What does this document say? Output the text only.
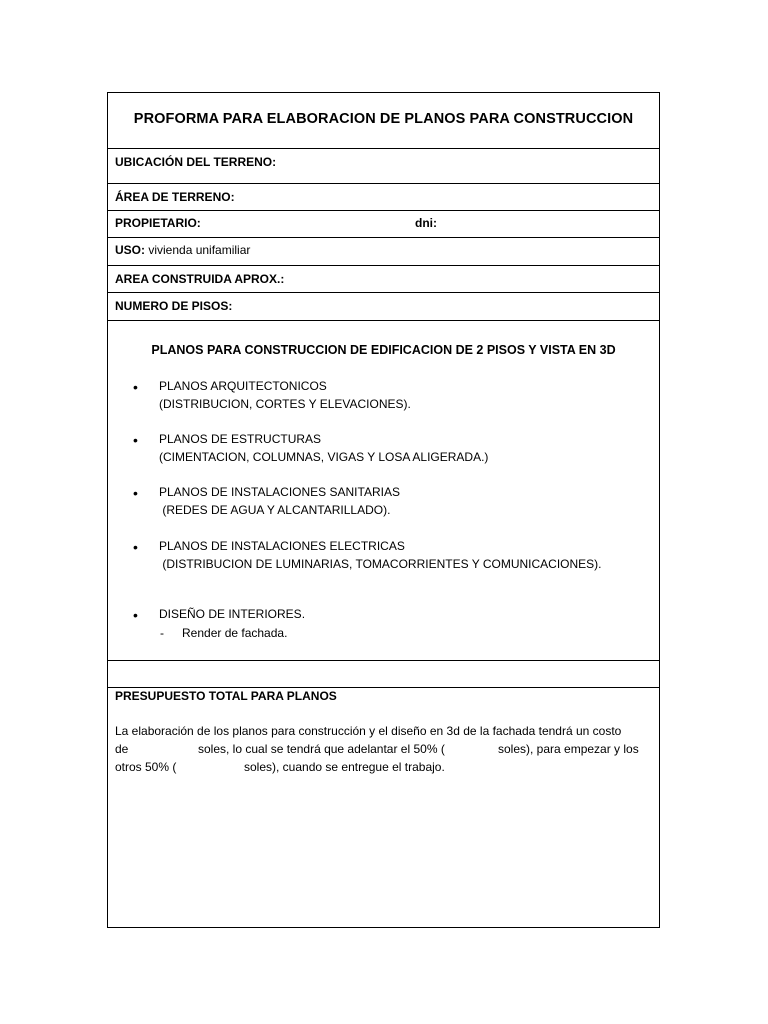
PROFORMA PARA ELABORACION DE PLANOS PARA CONSTRUCCION
UBICACIÓN DEL TERRENO:
ÁREA DE TERRENO:
PROPIETARIO:	dni:
USO: vivienda unifamiliar
AREA CONSTRUIDA APROX.:
NUMERO DE PISOS:
PLANOS PARA CONSTRUCCION DE EDIFICACION DE 2 PISOS Y VISTA EN 3D
• PLANOS ARQUITECTONICOS
(DISTRIBUCION, CORTES Y ELEVACIONES).
• PLANOS DE ESTRUCTURAS
(CIMENTACION, COLUMNAS, VIGAS Y LOSA ALIGERADA.)
• PLANOS DE INSTALACIONES SANITARIAS
(REDES DE AGUA Y ALCANTARILLADO).
• PLANOS DE INSTALACIONES ELECTRICAS
(DISTRIBUCION DE LUMINARIAS, TOMACORRIENTES Y COMUNICACIONES).
• DISEÑO DE INTERIORES.
- Render de fachada.
PRESUPUESTO TOTAL PARA PLANOS
La elaboración de los planos para construcción y el diseño en 3d de la fachada tendrá un costo
de	soles, lo cual se tendrá que adelantar el 50% (	soles), para empezar y los
otros 50% (	soles), cuando se entregue el trabajo.
